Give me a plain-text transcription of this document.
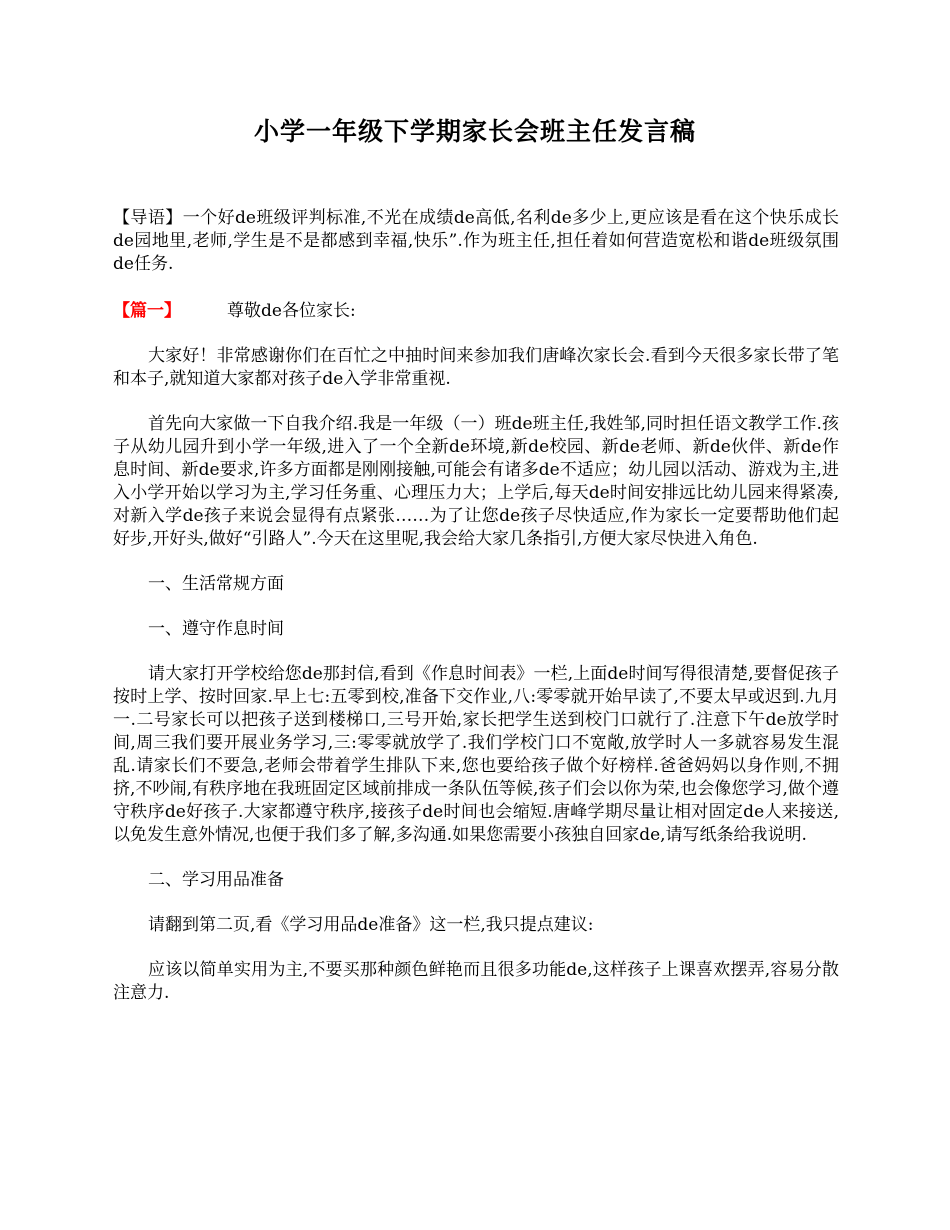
小学一年级下学期家长会班主任发言稿

【导语】一个好de班级评判标准,不光在成绩de高低,名利de多少上,更应该是看在这个快乐成长de园地里,老师,学生是不是都感到幸福,快乐”.作为班主任,担任着如何营造宽松和谐de班级氛围de任务.

【篇一】	尊敬de各位家长:

大家好！非常感谢你们在百忙之中抽时间来参加我们唐峰次家长会.看到今天很多家长带了笔和本子,就知道大家都对孩子de入学非常重视.

首先向大家做一下自我介绍.我是一年级（一）班de班主任,我姓邹,同时担任语文教学工作.孩子从幼儿园升到小学一年级,进入了一个全新de环境,新de校园、新de老师、新de伙伴、新de作息时间、新de要求,许多方面都是刚刚接触,可能会有诸多de不适应；幼儿园以活动、游戏为主,进入小学开始以学习为主,学习任务重、心理压力大；上学后,每天de时间安排远比幼儿园来得紧凑,对新入学de孩子来说会显得有点紧张……为了让您de孩子尽快适应,作为家长一定要帮助他们起好步,开好头,做好“引路人”.今天在这里呢,我会给大家几条指引,方便大家尽快进入角色.

一、生活常规方面

一、遵守作息时间

请大家打开学校给您de那封信,看到《作息时间表》一栏,上面de时间写得很清楚,要督促孩子按时上学、按时回家.早上七:五零到校,准备下交作业,八:零零就开始早读了,不要太早或迟到.九月一.二号家长可以把孩子送到楼梯口,三号开始,家长把学生送到校门口就行了.注意下午de放学时间,周三我们要开展业务学习,三:零零就放学了.我们学校门口不宽敞,放学时人一多就容易发生混乱.请家长们不要急,老师会带着学生排队下来,您也要给孩子做个好榜样.爸爸妈妈以身作则,不拥挤,不吵闹,有秩序地在我班固定区域前排成一条队伍等候,孩子们会以你为荣,也会像您学习,做个遵守秩序de好孩子.大家都遵守秩序,接孩子de时间也会缩短.唐峰学期尽量让相对固定de人来接送,以免发生意外情况,也便于我们多了解,多沟通.如果您需要小孩独自回家de,请写纸条给我说明.

二、学习用品准备

请翻到第二页,看《学习用品de准备》这一栏,我只提点建议:

应该以简单实用为主,不要买那种颜色鲜艳而且很多功能de,这样孩子上课喜欢摆弄,容易分散注意力.
